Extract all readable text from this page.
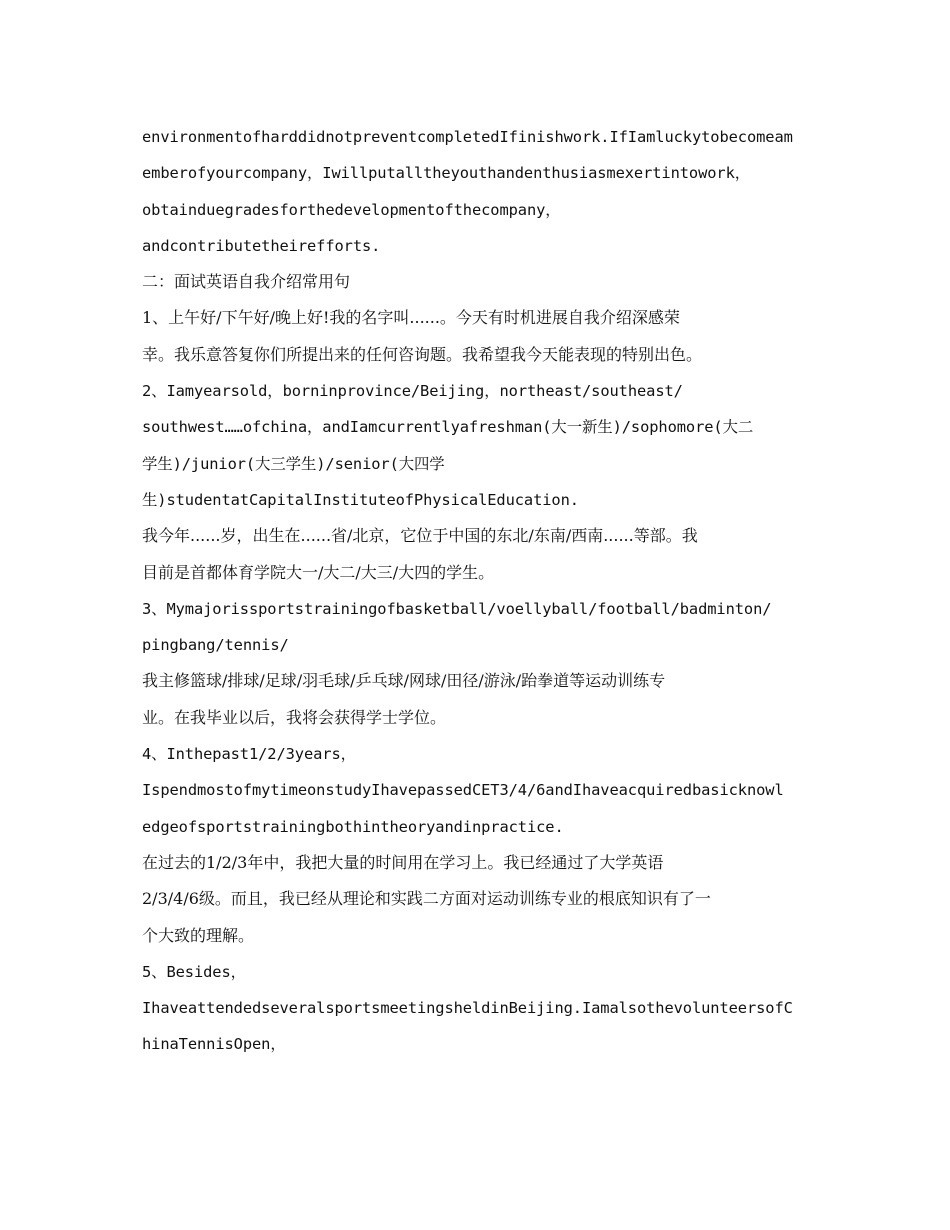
environmentofharddidnotpreventcompletedIfinishwork.IfIamluckytobecomeam
emberofyourcompany，Iwillputalltheyouthandenthusiasmexertintowork，
obtainduegradesforthedevelopmentofthecompany，
andcontributetheirefforts.
二：面试英语自我介绍常用句
1、上午好/下午好/晚上好!我的名字叫......。今天有时机进展自我介绍深感荣
幸。我乐意答复你们所提出来的任何咨询题。我希望我今天能表现的特别出色。
2、Iamyearsold，borninprovince/Beijing，northeast/southeast/
southwest……ofchina，andIamcurrentlyafreshman(大一新生)/sophomore(大二
学生)/junior(大三学生)/senior(大四学
生)studentatCapitalInstituteofPhysicalEducation.
我今年......岁，出生在......省/北京，它位于中国的东北/东南/西南......等部。我
目前是首都体育学院大一/大二/大三/大四的学生。
3、Mymajorissportstrainingofbasketball/voellyball/football/badminton/
pingbang/tennis/
我主修篮球/排球/足球/羽毛球/乒乓球/网球/田径/游泳/跆拳道等运动训练专
业。在我毕业以后，我将会获得学士学位。
4、Inthepast1/2/3years，
IspendmostofmytimeonstudyIhavepassedCET3/4/6andIhaveacquiredbasicknowl
edgeofsportstrainingbothintheoryandinpractice.
在过去的1/2/3年中，我把大量的时间用在学习上。我已经通过了大学英语
2/3/4/6级。而且，我已经从理论和实践二方面对运动训练专业的根底知识有了一
个大致的理解。
5、Besides，
IhaveattendedseveralsportsmeetingsheldinBeijing.IamalsothevolunteersofC
hinaTennisOpen，
